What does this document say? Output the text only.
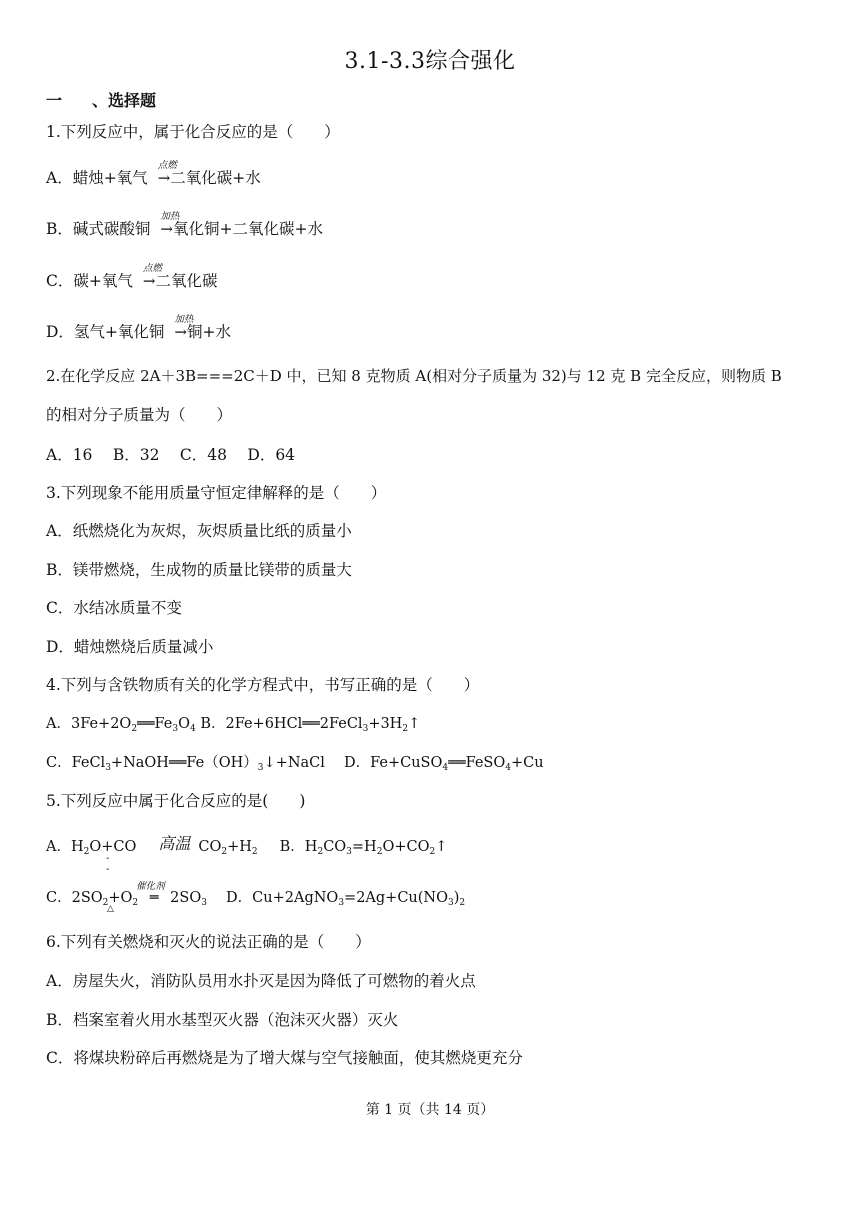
3.1-3.3综合强化
一 、选择题
1.下列反应中，属于化合反应的是（　　）
A．蜡烛+氧气
点燃
→二氧化碳+水
B．碱式碳酸铜
加热
→氧化铜+二氧化碳+水
C．碳+氧气
点燃
→二氧化碳
D．氢气+氧化铜
加热
→铜+水
2.在化学反应 2A＋3B===2C＋D 中，已知 8 克物质 A(相对分子质量为 32)与 12 克 B 完全反应，则物质 B
的相对分子质量为（　　）
A．16　 B．32　 C．48　 D．64
3.下列现象不能用质量守恒定律解释的是（　　）
A．纸燃烧化为灰烬，灰烬质量比纸的质量小
B．镁带燃烧，生成物的质量比镁带的质量大
C．水结冰质量不变
D．蜡烛燃烧后质量减小
4.下列与含铁物质有关的化学方程式中，书写正确的是（　　）
A．$3Fe+2O_2══Fe_3O_4$ B．$2Fe+6HCl══2FeCl_3+3H_2↑$
C．$FeCl_3+NaOH══Fe(OH)_3↓+NaCl$　 D．Fe+CuSO$_4$══FeSO$_4$+Cu
5.下列反应中属于化合反应的是(　　)
A．$H_2O+CO$ 高温 $CO_2+H_2$ B．$H_2CO_3=H_2O+CO_2↑$
-
-
C．$2SO_2+O_2$
催化剂
═ $2SO_3$　 D．$Cu+2AgNO_3=2Ag+Cu(NO_3)_2$
△
6.下列有关燃烧和灭火的说法正确的是（　　）
A．房屋失火，消防队员用水扑灭是因为降低了可燃物的着火点
B．档案室着火用水基型灭火器（泡沫灭火器）灭火
C．将煤块粉碎后再燃烧是为了增大煤与空气接触面，使其燃烧更充分
第 1 页（共 14 页）
